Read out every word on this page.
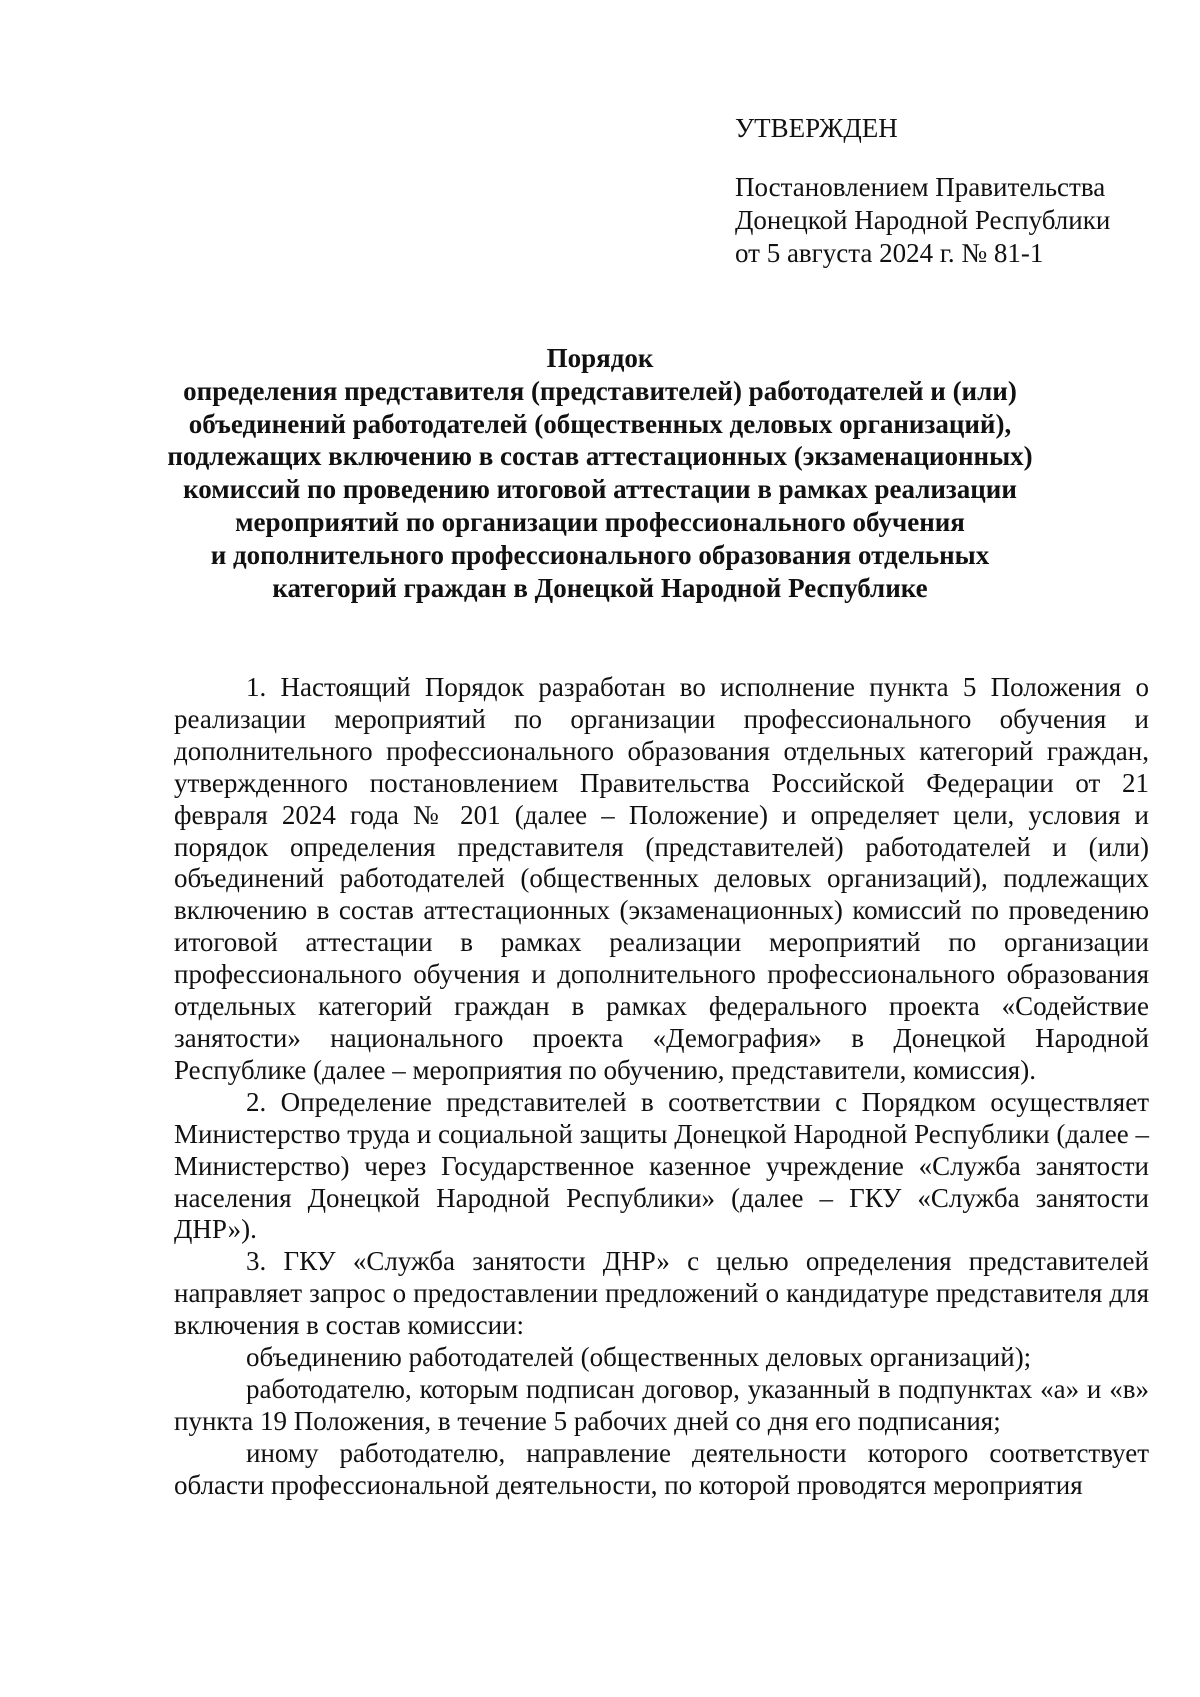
УТВЕРЖДЕН
Постановлением Правительства
Донецкой Народной Республики
от 5 августа 2024 г. № 81-1
Порядок
определения представителя (представителей) работодателей и (или)
объединений работодателей (общественных деловых организаций),
подлежащих включению в состав аттестационных (экзаменационных)
комиссий по проведению итоговой аттестации в рамках реализации
мероприятий по организации профессионального обучения
и дополнительного профессионального образования отдельных
категорий граждан в Донецкой Народной Республике

1. Настоящий Порядок разработан во исполнение пункта 5 Положения о реализации мероприятий по организации профессионального обучения и дополнительного профессионального образования отдельных категорий граждан, утвержденного постановлением Правительства Российской Федерации от 21 февраля 2024 года № 201 (далее – Положение) и определяет цели, условия и порядок определения представителя (представителей) работодателей и (или) объединений работодателей (общественных деловых организаций), подлежащих включению в состав аттестационных (экзаменационных) комиссий по проведению итоговой аттестации в рамках реализации мероприятий по организации профессионального обучения и дополнительного профессионального образования отдельных категорий граждан в рамках федерального проекта «Содействие занятости» национального проекта «Демография» в Донецкой Народной Республике (далее – мероприятия по обучению, представители, комиссия).

2. Определение представителей в соответствии с Порядком осуществляет Министерство труда и социальной защиты Донецкой Народной Республики (далее – Министерство) через Государственное казенное учреждение «Служба занятости населения Донецкой Народной Республики» (далее – ГКУ «Служба занятости ДНР»).

3. ГКУ «Служба занятости ДНР» с целью определения представителей направляет запрос о предоставлении предложений о кандидатуре представителя для включения в состав комиссии:

объединению работодателей (общественных деловых организаций);

работодателю, которым подписан договор, указанный в подпунктах «а» и «в» пункта 19 Положения, в течение 5 рабочих дней со дня его подписания;

иному работодателю, направление деятельности которого соответствует области профессиональной деятельности, по которой проводятся мероприятия
